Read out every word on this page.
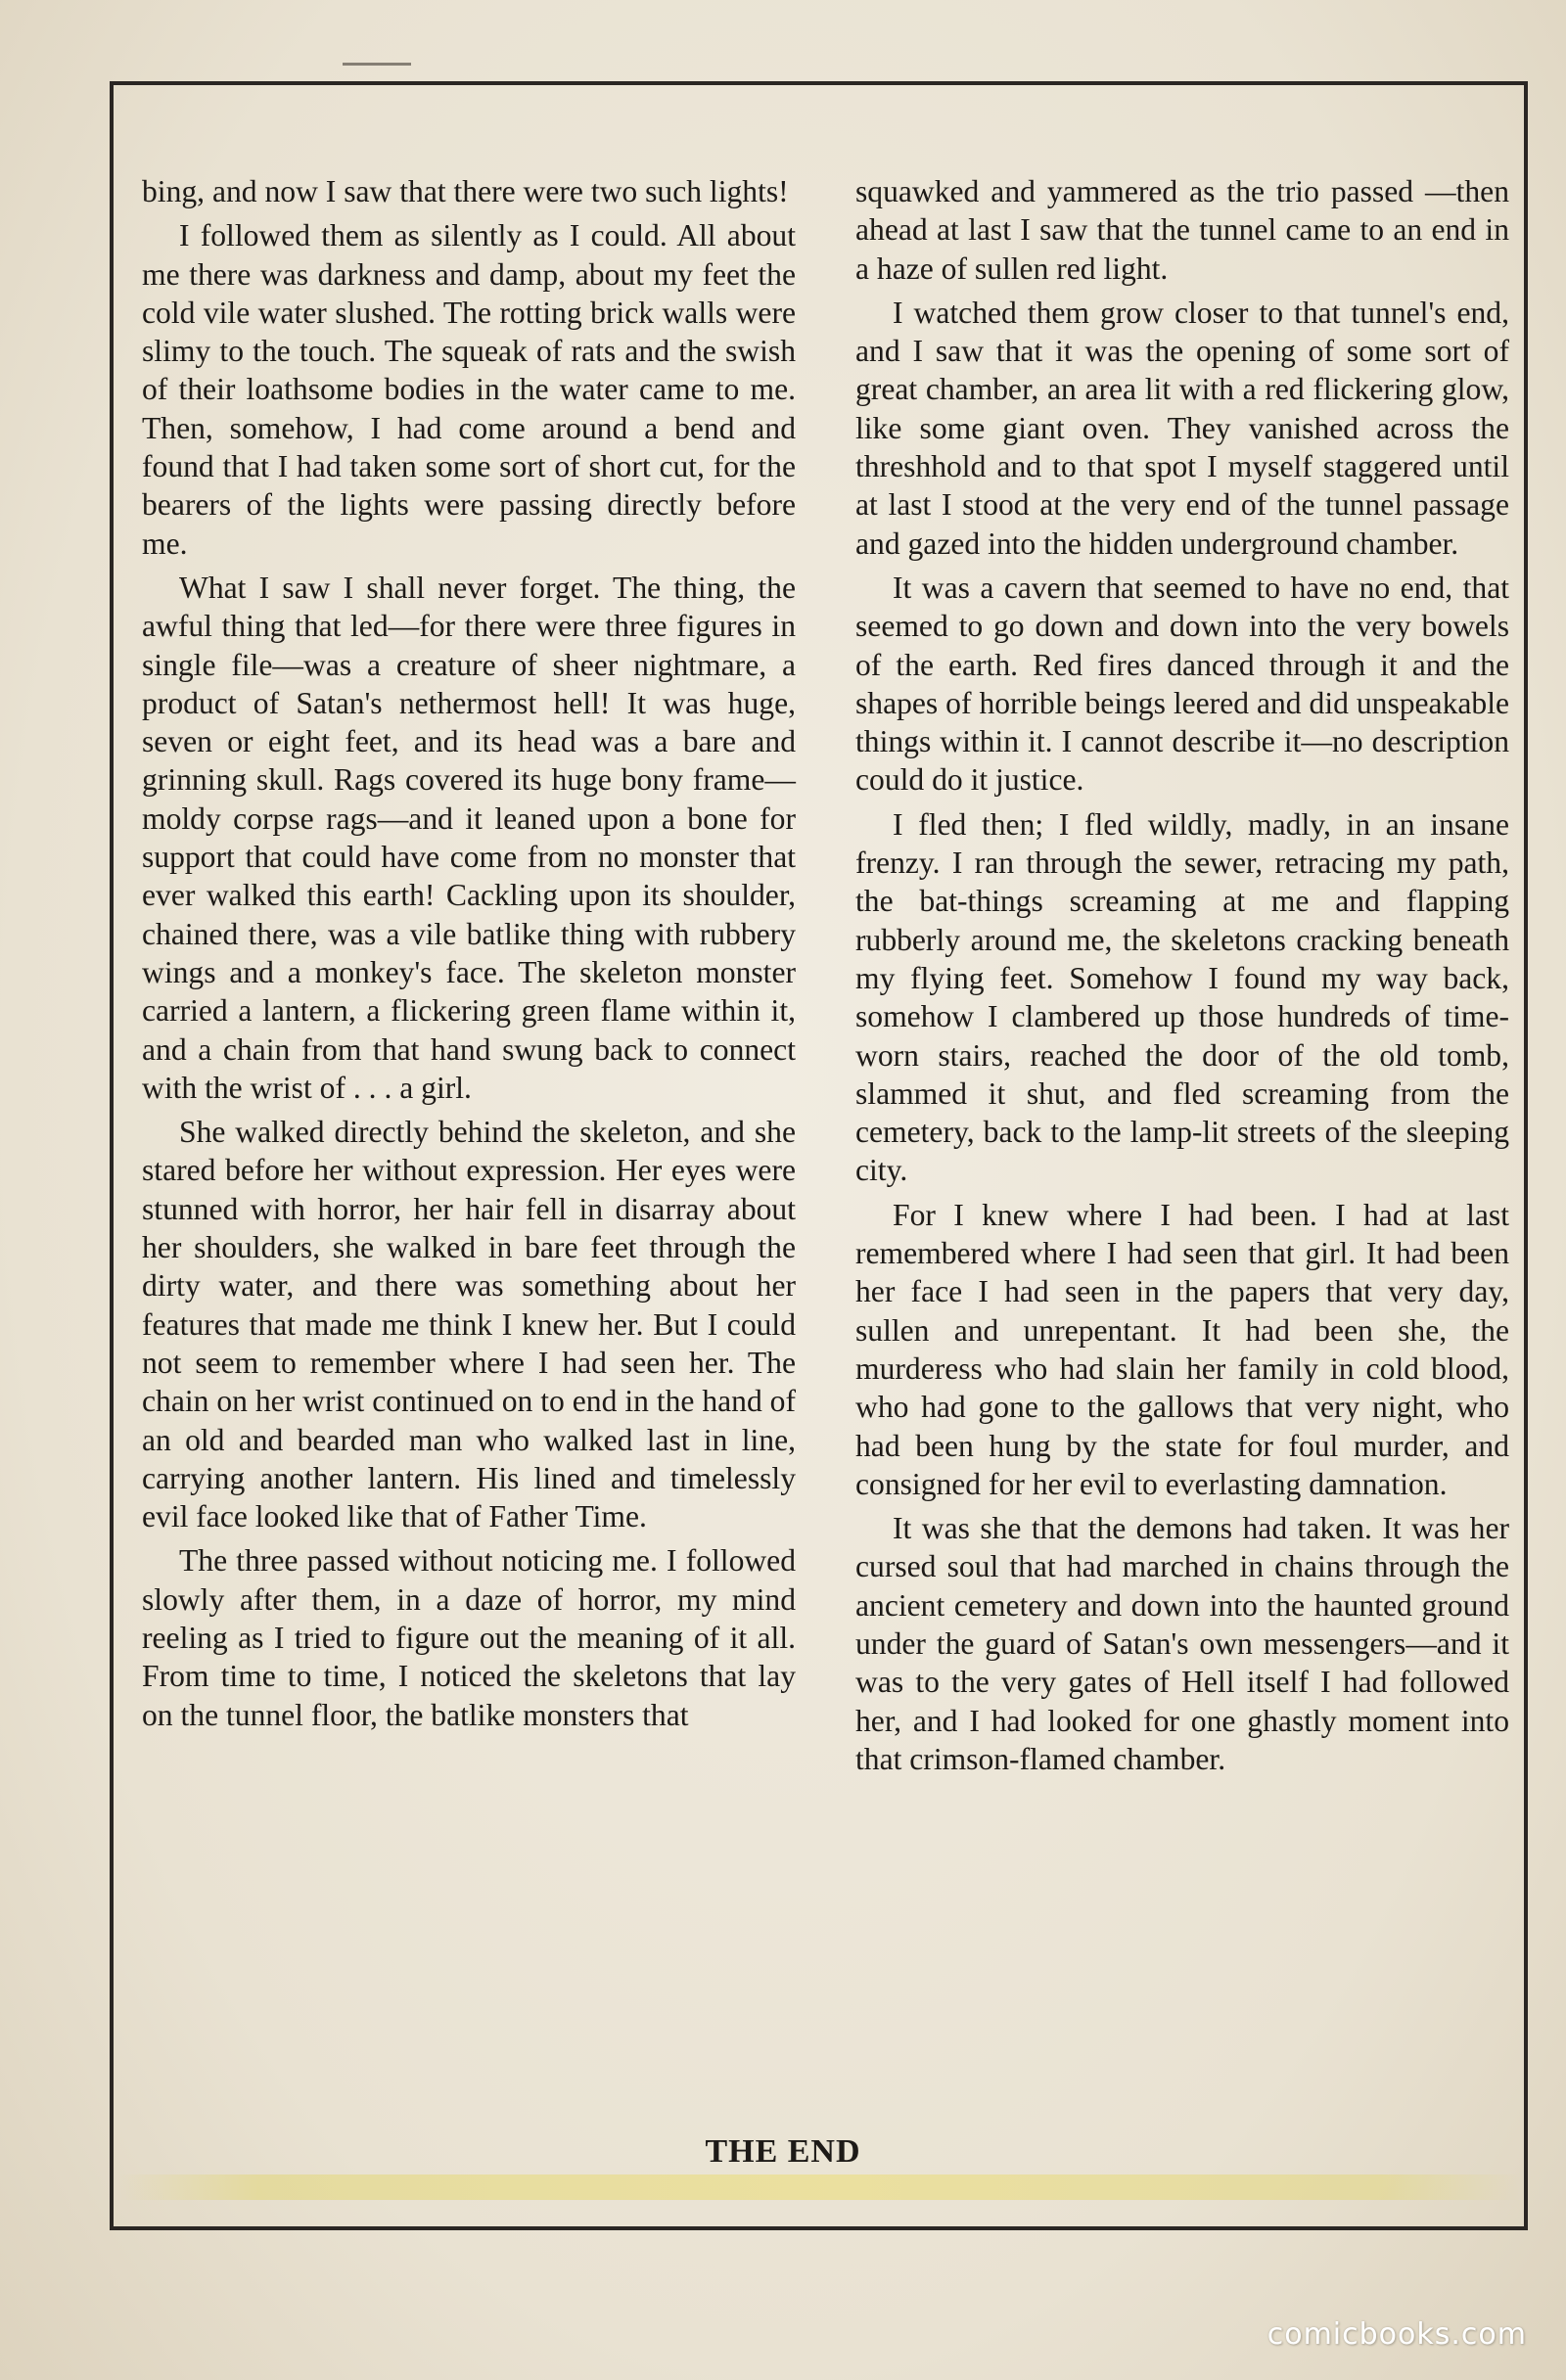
bing, and now I saw that there were two such lights!

I followed them as silently as I could. All about me there was darkness and damp, about my feet the cold vile water slushed. The rotting brick walls were slimy to the touch. The squeak of rats and the swish of their loathsome bodies in the water came to me. Then, somehow, I had come around a bend and found that I had taken some sort of short cut, for the bearers of the lights were passing directly before me.

What I saw I shall never forget. The thing, the awful thing that led—for there were three figures in single file—was a creature of sheer nightmare, a product of Satan's nethermost hell! It was huge, seven or eight feet, and its head was a bare and grinning skull. Rags covered its huge bony frame—moldy corpse rags—and it leaned upon a bone for support that could have come from no monster that ever walked this earth! Cackling upon its shoulder, chained there, was a vile batlike thing with rubbery wings and a monkey's face. The skeleton monster carried a lantern, a flickering green flame within it, and a chain from that hand swung back to connect with the wrist of . . . a girl.

She walked directly behind the skeleton, and she stared before her without expression. Her eyes were stunned with horror, her hair fell in disarray about her shoulders, she walked in bare feet through the dirty water, and there was something about her features that made me think I knew her. But I could not seem to remember where I had seen her. The chain on her wrist continued on to end in the hand of an old and bearded man who walked last in line, carrying another lantern. His lined and timelessly evil face looked like that of Father Time.

The three passed without noticing me. I followed slowly after them, in a daze of horror, my mind reeling as I tried to figure out the meaning of it all. From time to time, I noticed the skeletons that lay on the tunnel floor, the batlike monsters that

squawked and yammered as the trio passed —then ahead at last I saw that the tunnel came to an end in a haze of sullen red light.

I watched them grow closer to that tunnel's end, and I saw that it was the opening of some sort of great chamber, an area lit with a red flickering glow, like some giant oven. They vanished across the threshhold and to that spot I myself staggered until at last I stood at the very end of the tunnel passage and gazed into the hidden underground chamber.

It was a cavern that seemed to have no end, that seemed to go down and down into the very bowels of the earth. Red fires danced through it and the shapes of horrible beings leered and did unspeakable things within it. I cannot describe it—no description could do it justice.

I fled then; I fled wildly, madly, in an insane frenzy. I ran through the sewer, retracing my path, the bat-things screaming at me and flapping rubberly around me, the skeletons cracking beneath my flying feet. Somehow I found my way back, somehow I clambered up those hundreds of time-worn stairs, reached the door of the old tomb, slammed it shut, and fled screaming from the cemetery, back to the lamp-lit streets of the sleeping city.

For I knew where I had been. I had at last remembered where I had seen that girl. It had been her face I had seen in the papers that very day, sullen and unrepentant. It had been she, the murderess who had slain her family in cold blood, who had gone to the gallows that very night, who had been hung by the state for foul murder, and consigned for her evil to everlasting damnation.

It was she that the demons had taken. It was her cursed soul that had marched in chains through the ancient cemetery and down into the haunted ground under the guard of Satan's own messengers—and it was to the very gates of Hell itself I had followed her, and I had looked for one ghastly moment into that crimson-flamed chamber.

THE END
comicbooks.com
